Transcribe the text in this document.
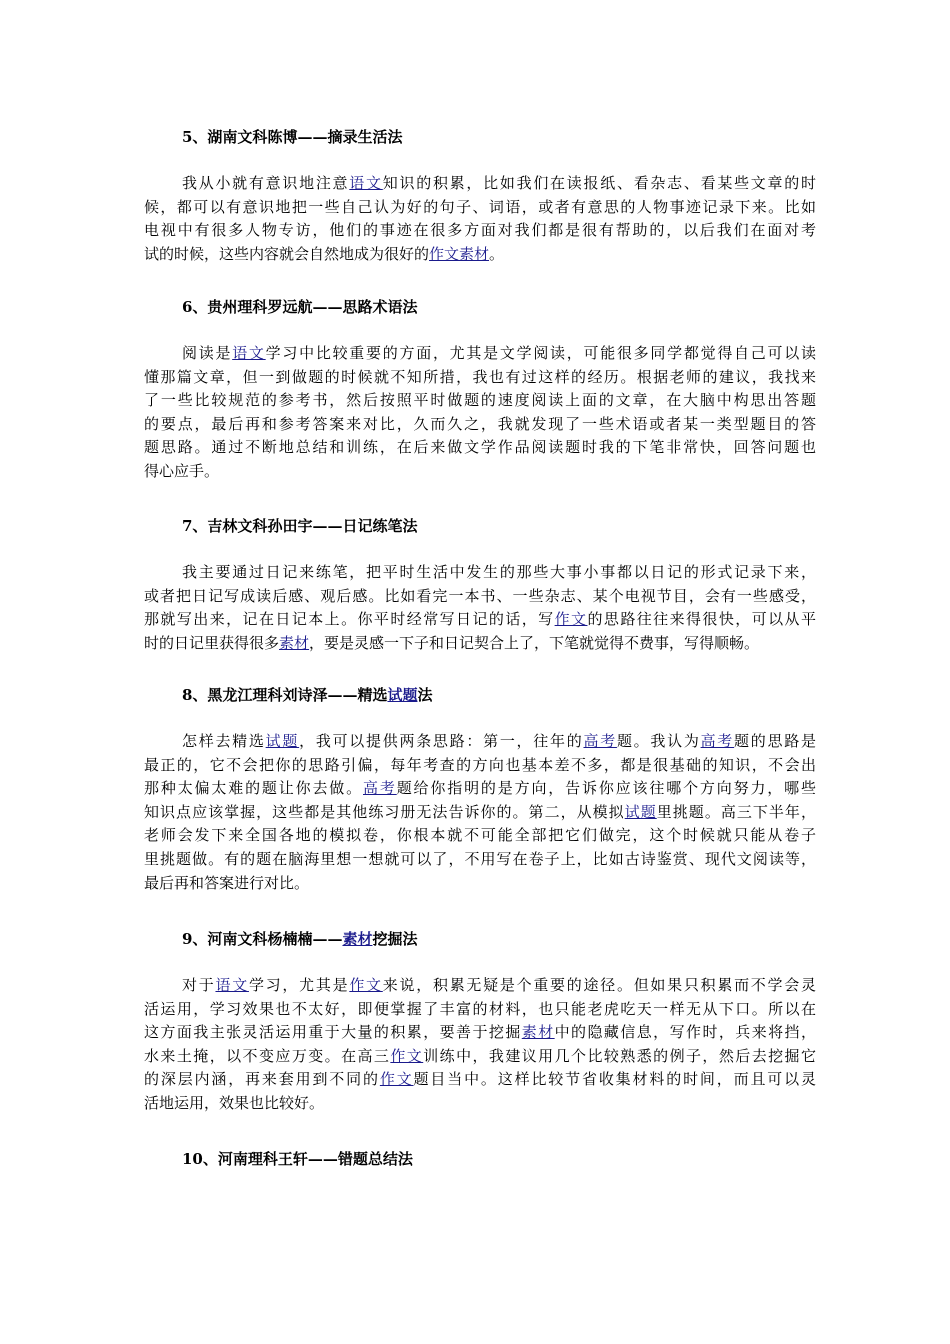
5、湖南文科陈博——摘录生活法

我从小就有意识地注意语文知识的积累，比如我们在读报纸、看杂志、看某些文章的时
候，都可以有意识地把一些自己认为好的句子、词语，或者有意思的人物事迹记录下来。比如
电视中有很多人物专访，他们的事迹在很多方面对我们都是很有帮助的，以后我们在面对考
试的时候，这些内容就会自然地成为很好的作文素材。

6、贵州理科罗远航——思路术语法

阅读是语文学习中比较重要的方面，尤其是文学阅读，可能很多同学都觉得自己可以读
懂那篇文章，但一到做题的时候就不知所措，我也有过这样的经历。根据老师的建议，我找来
了一些比较规范的参考书，然后按照平时做题的速度阅读上面的文章，在大脑中构思出答题
的要点，最后再和参考答案来对比，久而久之，我就发现了一些术语或者某一类型题目的答
题思路。通过不断地总结和训练，在后来做文学作品阅读题时我的下笔非常快，回答问题也
得心应手。

7、吉林文科孙田宇——日记练笔法

我主要通过日记来练笔，把平时生活中发生的那些大事小事都以日记的形式记录下来，
或者把日记写成读后感、观后感。比如看完一本书、一些杂志、某个电视节目，会有一些感受，
那就写出来，记在日记本上。你平时经常写日记的话，写作文的思路往往来得很快，可以从平
时的日记里获得很多素材，要是灵感一下子和日记契合上了，下笔就觉得不费事，写得顺畅。

8、黑龙江理科刘诗泽——精选试题法

怎样去精选试题，我可以提供两条思路：第一，往年的高考题。我认为高考题的思路是
最正的，它不会把你的思路引偏，每年考查的方向也基本差不多，都是很基础的知识，不会出
那种太偏太难的题让你去做。高考题给你指明的是方向，告诉你应该往哪个方向努力，哪些
知识点应该掌握，这些都是其他练习册无法告诉你的。第二，从模拟试题里挑题。高三下半年，
老师会发下来全国各地的模拟卷，你根本就不可能全部把它们做完，这个时候就只能从卷子
里挑题做。有的题在脑海里想一想就可以了，不用写在卷子上，比如古诗鉴赏、现代文阅读等，
最后再和答案进行对比。

9、河南文科杨楠楠——素材挖掘法

对于语文学习，尤其是作文来说，积累无疑是个重要的途径。但如果只积累而不学会灵
活运用，学习效果也不太好，即便掌握了丰富的材料，也只能老虎吃天一样无从下口。所以在
这方面我主张灵活运用重于大量的积累，要善于挖掘素材中的隐藏信息，写作时，兵来将挡，
水来土掩，以不变应万变。在高三作文训练中，我建议用几个比较熟悉的例子，然后去挖掘它
的深层内涵，再来套用到不同的作文题目当中。这样比较节省收集材料的时间，而且可以灵
活地运用，效果也比较好。

10、河南理科王轩——错题总结法
